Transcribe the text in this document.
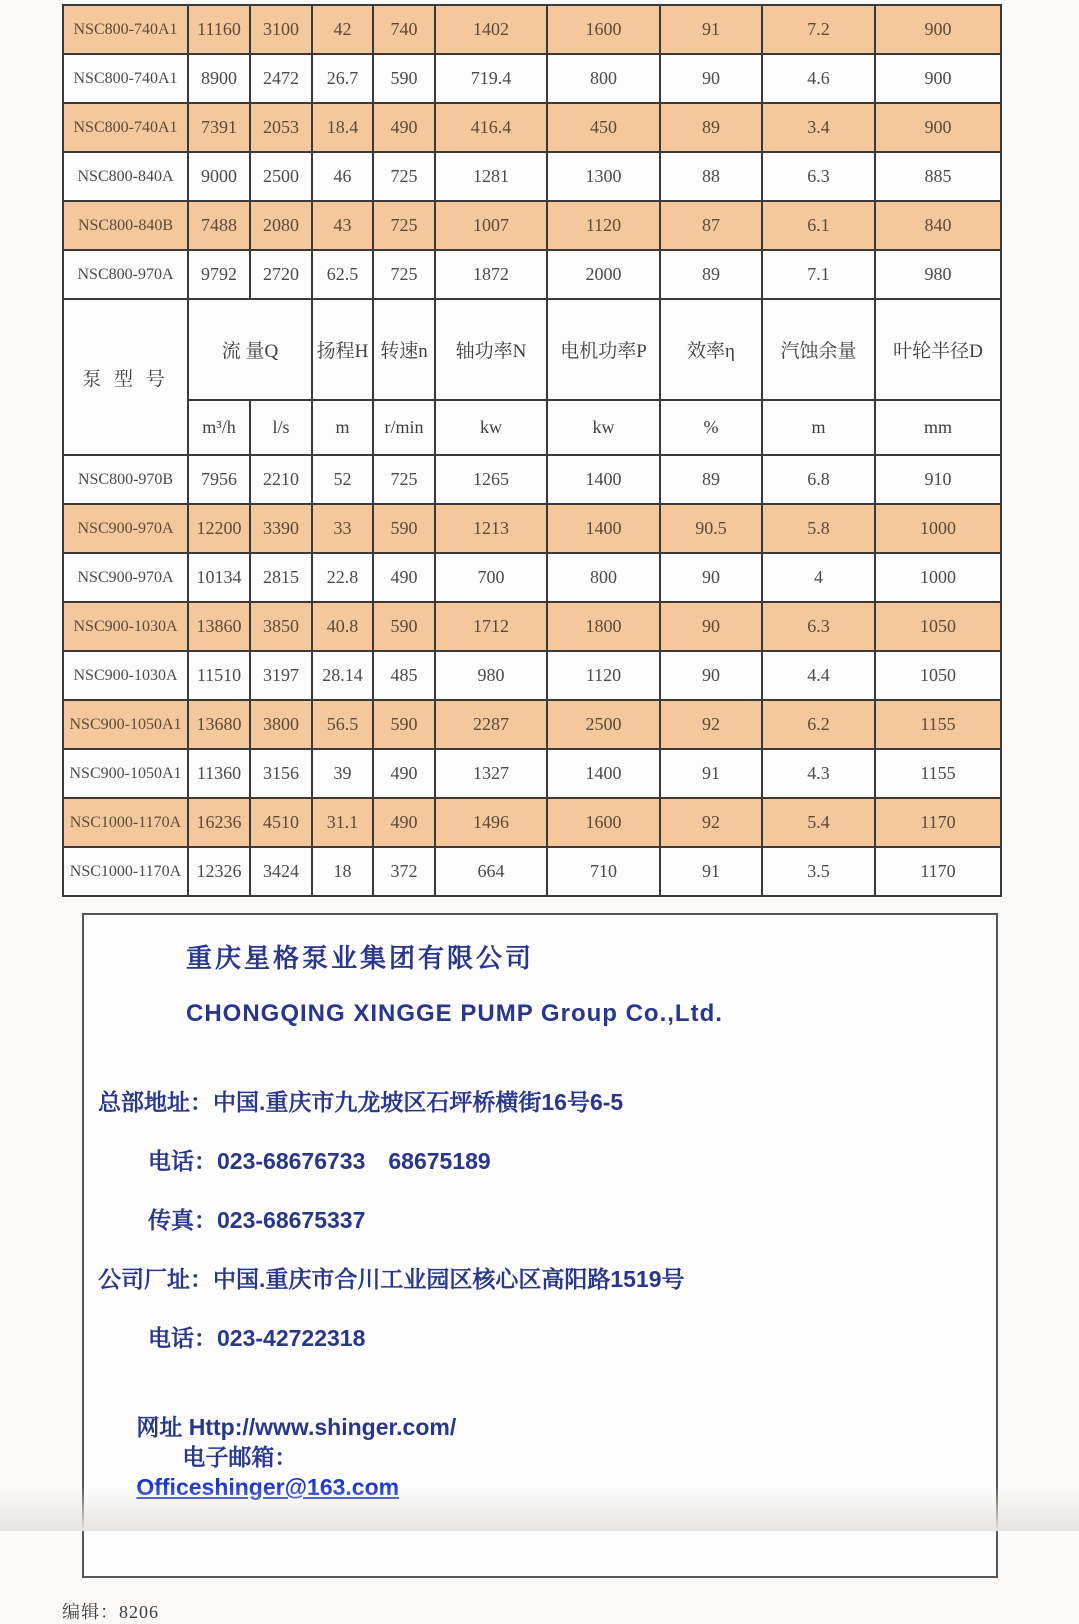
NSC800-740A1	11160	3100	42	740	1402	1600	91	7.2	900
NSC800-740A1	8900	2472	26.7	590	719.4	800	90	4.6	900
NSC800-740A1	7391	2053	18.4	490	416.4	450	89	3.4	900
NSC800-840A	9000	2500	46	725	1281	1300	88	6.3	885
NSC800-840B	7488	2080	43	725	1007	1120	87	6.1	840
NSC800-970A	9792	2720	62.5	725	1872	2000	89	7.1	980
泵 型 号	流 量Q		扬程H	转速n	轴功率N	电机功率P	效率η	汽蚀余量	叶轮半径D
	m³/h	l/s	m	r/min	kw	kw	%	m	mm
NSC800-970B	7956	2210	52	725	1265	1400	89	6.8	910
NSC900-970A	12200	3390	33	590	1213	1400	90.5	5.8	1000
NSC900-970A	10134	2815	22.8	490	700	800	90	4	1000
NSC900-1030A	13860	3850	40.8	590	1712	1800	90	6.3	1050
NSC900-1030A	11510	3197	28.14	485	980	1120	90	4.4	1050
NSC900-1050A1	13680	3800	56.5	590	2287	2500	92	6.2	1155
NSC900-1050A1	11360	3156	39	490	1327	1400	91	4.3	1155
NSC1000-1170A	16236	4510	31.1	490	1496	1600	92	5.4	1170
NSC1000-1170A	12326	3424	18	372	664	710	91	3.5	1170
重庆星格泵业集团有限公司
CHONGQING XINGGE PUMP Group Co.,Ltd.
总部地址：中国.重庆市九龙坡区石坪桥横街16号6-5
电话：023-68676733　68675189
传真：023-68675337
公司厂址：中国.重庆市合川工业园区核心区高阳路1519号
电话：023-42722318

网址 Http://www.shinger.com/
电子邮箱：
Officeshinger@163.com

编辑：8206
